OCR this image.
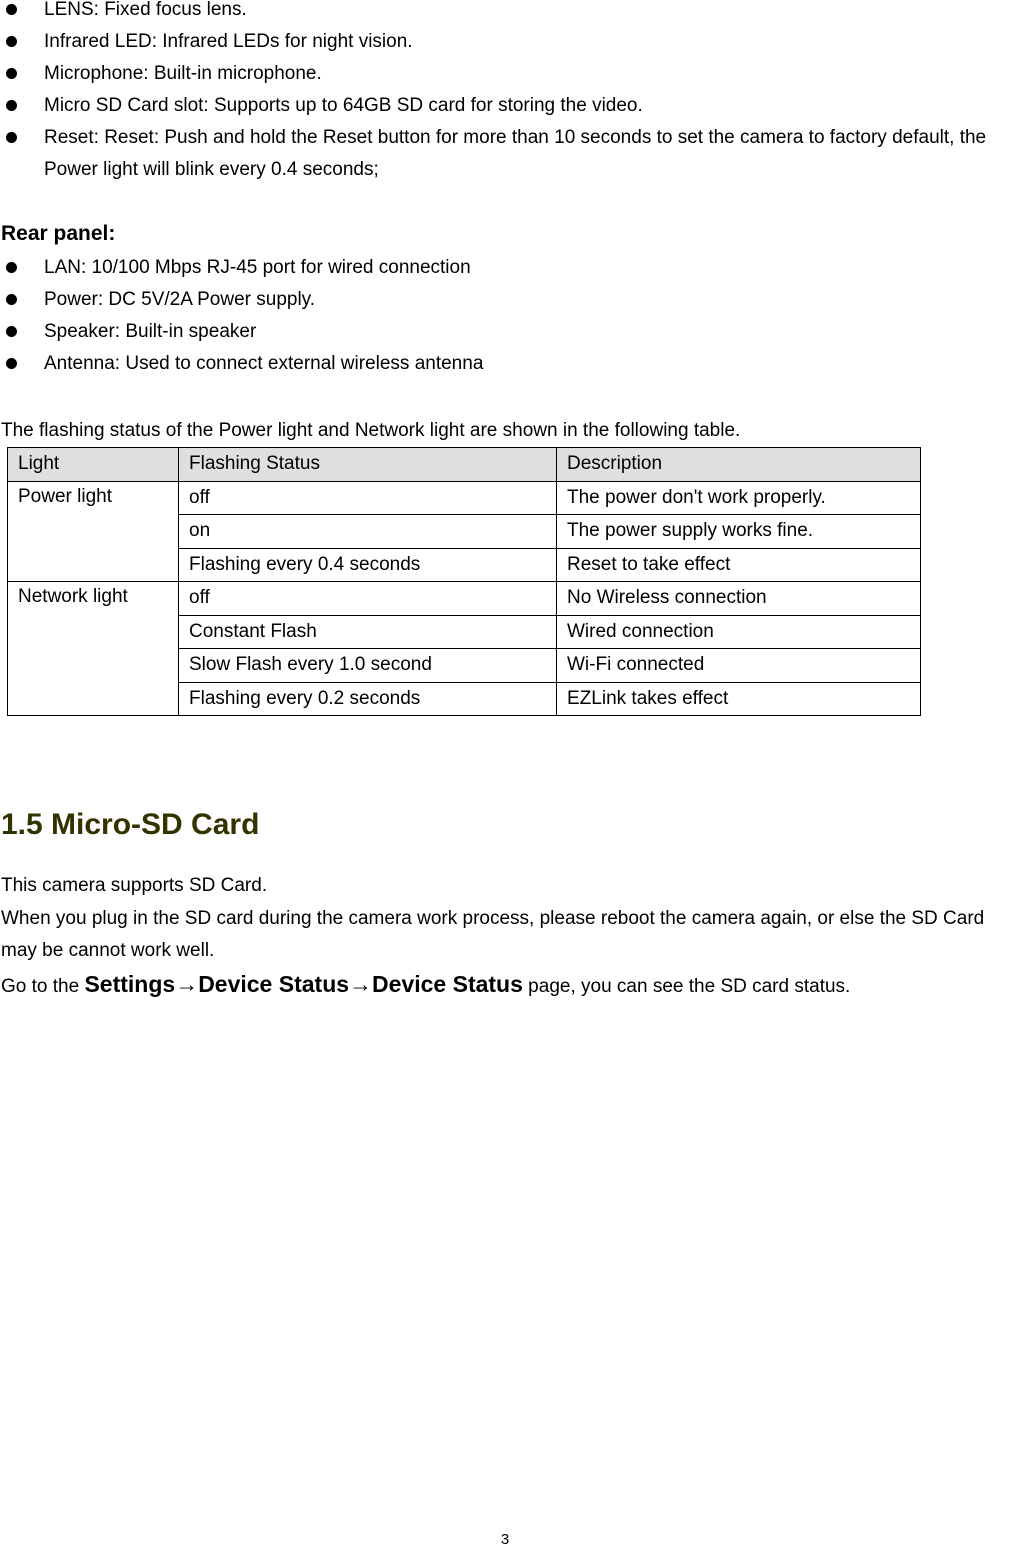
LENS: Fixed focus lens.
Infrared LED: Infrared LEDs for night vision.
Microphone: Built-in microphone.
Micro SD Card slot: Supports up to 64GB SD card for storing the video.
Reset: Reset: Push and hold the Reset button for more than 10 seconds to set the camera to factory default, the Power light will blink every 0.4 seconds;
Rear panel:
LAN: 10/100 Mbps RJ-45 port for wired connection
Power: DC 5V/2A Power supply.
Speaker: Built-in speaker
Antenna: Used to connect external wireless antenna
The flashing status of the Power light and Network light are shown in the following table.
Light	Flashing Status	Description
Power light	off	The power don't work properly.
	on	The power supply works fine.
	Flashing every 0.4 seconds	Reset to take effect
Network light	off	No Wireless connection
	Constant Flash	Wired connection
	Slow Flash every 1.0 second	Wi-Fi connected
	Flashing every 0.2 seconds	EZLink takes effect
1.5 Micro-SD Card

This camera supports SD Card.

When you plug in the SD card during the camera work process, please reboot the camera again, or else the SD Card may be cannot work well.

Go to the Settings→Device Status→Device Status page, you can see the SD card status.

3
